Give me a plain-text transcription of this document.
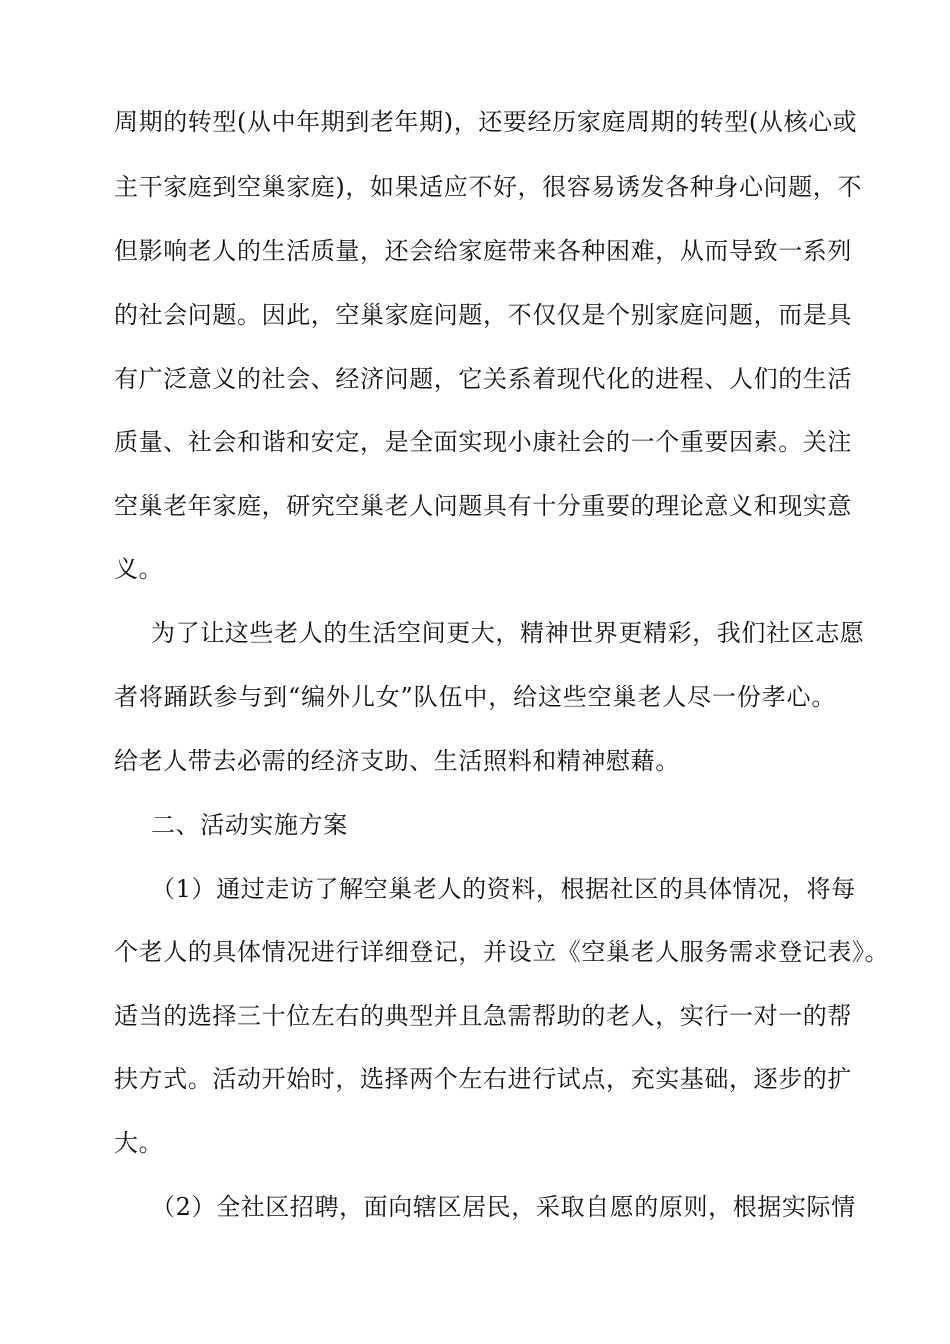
周期的转型(从中年期到老年期)，还要经历家庭周期的转型(从核心或
主干家庭到空巢家庭)，如果适应不好，很容易诱发各种身心问题，不
但影响老人的生活质量，还会给家庭带来各种困难，从而导致一系列
的社会问题。因此，空巢家庭问题，不仅仅是个别家庭问题，而是具
有广泛意义的社会、经济问题，它关系着现代化的进程、人们的生活
质量、社会和谐和安定，是全面实现小康社会的一个重要因素。关注
空巢老年家庭，研究空巢老人问题具有十分重要的理论意义和现实意
义。
为了让这些老人的生活空间更大，精神世界更精彩，我们社区志愿
者将踊跃参与到“编外儿女”队伍中，给这些空巢老人尽一份孝心。
给老人带去必需的经济支助、生活照料和精神慰藉。
二、活动实施方案
（1）通过走访了解空巢老人的资料，根据社区的具体情况，将每
个老人的具体情况进行详细登记，并设立《空巢老人服务需求登记表》。
适当的选择三十位左右的典型并且急需帮助的老人，实行一对一的帮
扶方式。活动开始时，选择两个左右进行试点，充实基础，逐步的扩
大。
（2）全社区招聘，面向辖区居民，采取自愿的原则，根据实际情
